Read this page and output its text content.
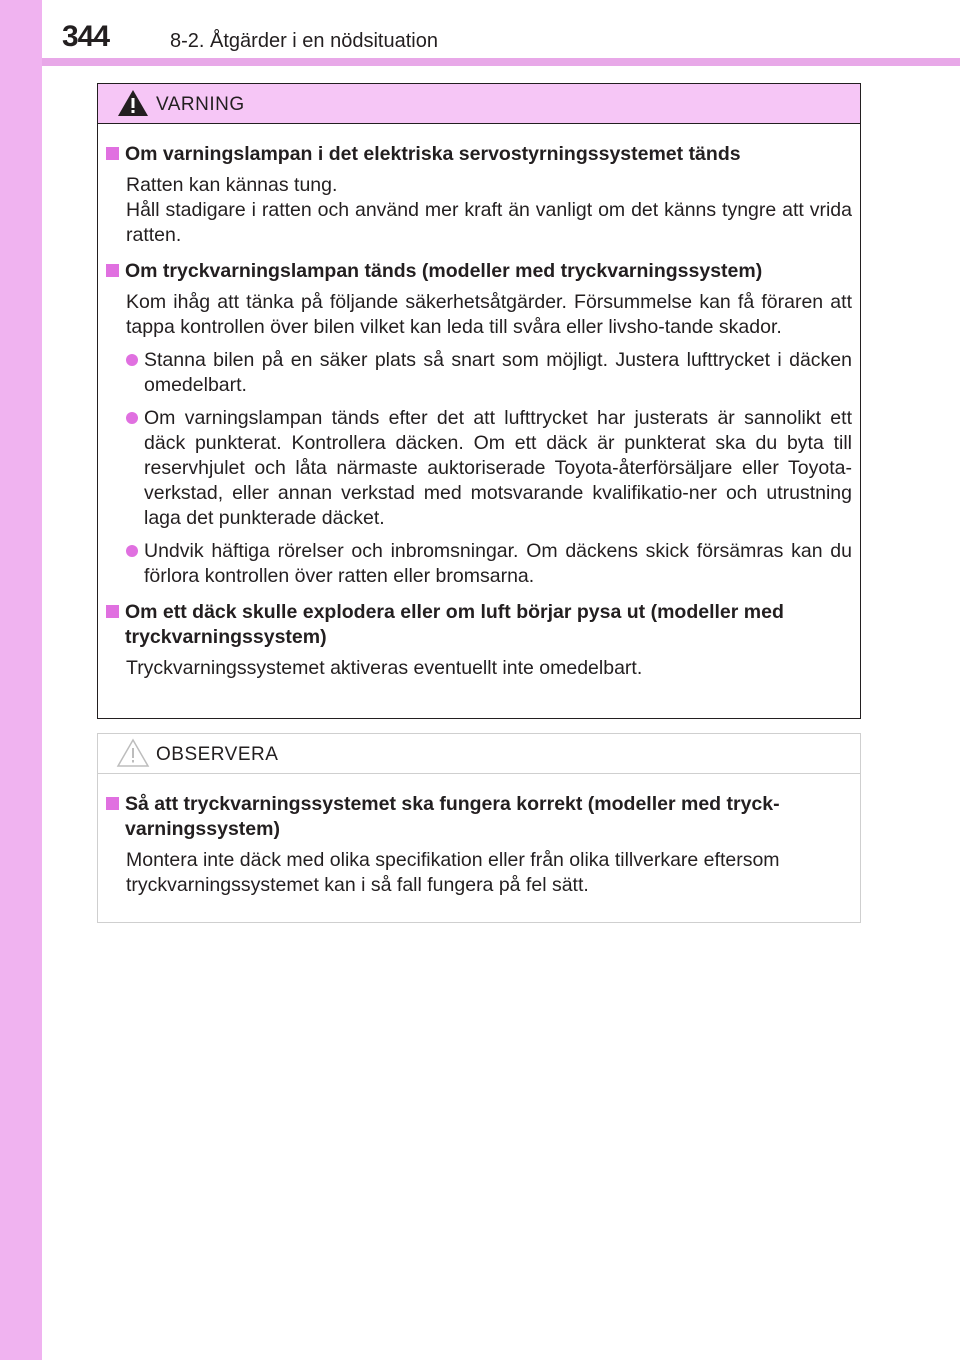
344	8-2. Åtgärder i en nödsituation
VARNING
Om varningslampan i det elektriska servostyrningssystemet tänds
Ratten kan kännas tung.
Håll stadigare i ratten och använd mer kraft än vanligt om det känns tyngre att vrida ratten.
Om tryckvarningslampan tänds (modeller med tryckvarningssystem)
Kom ihåg att tänka på följande säkerhetsåtgärder. Försummelse kan få föraren att tappa kontrollen över bilen vilket kan leda till svåra eller livsho-tande skador.
Stanna bilen på en säker plats så snart som möjligt. Justera lufttrycket i däcken omedelbart.
Om varningslampan tänds efter det att lufttrycket har justerats är sannolikt ett däck punkterat. Kontrollera däcken. Om ett däck är punkterat ska du byta till reservhjulet och låta närmaste auktoriserade Toyota-återförsäljare eller Toyota-verkstad, eller annan verkstad med motsvarande kvalifikatio-ner och utrustning laga det punkterade däcket.
Undvik häftiga rörelser och inbromsningar. Om däckens skick försämras kan du förlora kontrollen över ratten eller bromsarna.
Om ett däck skulle explodera eller om luft börjar pysa ut (modeller med tryckvarningssystem)
Tryckvarningssystemet aktiveras eventuellt inte omedelbart.
OBSERVERA
Så att tryckvarningssystemet ska fungera korrekt (modeller med tryck-varningssystem)
Montera inte däck med olika specifikation eller från olika tillverkare eftersom tryckvarningssystemet kan i så fall fungera på fel sätt.
